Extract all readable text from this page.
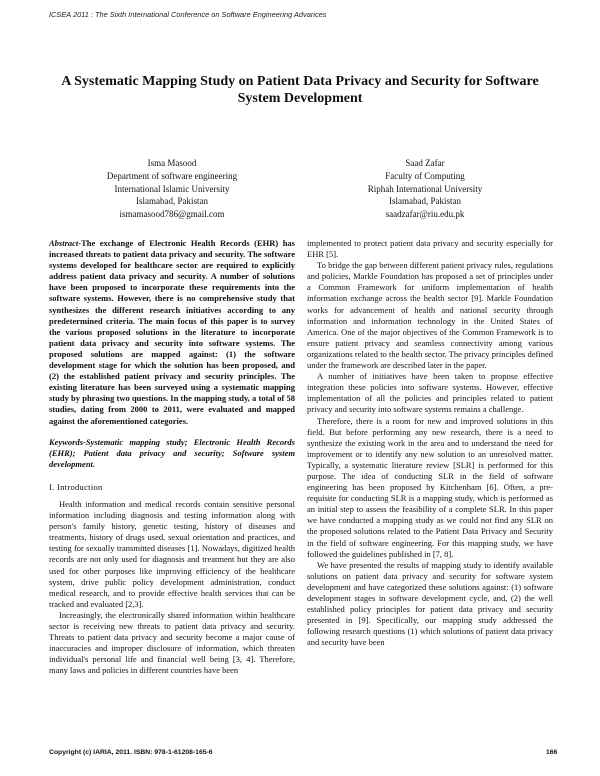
ICSEA 2011 : The Sixth International Conference on Software Engineering Advances
A Systematic Mapping Study on Patient Data Privacy and Security for Software System Development
Isma Masood
Department of software engineering
International Islamic University
Islamabad, Pakistan
ismamasood786@gmail.com
Saad Zafar
Faculty of Computing
Riphah International University
Islamabad, Pakistan
saadzafar@riu.edu.pk

Abstract-The exchange of Electronic Health Records (EHR) has increased threats to patient data privacy and security. The software systems developed for healthcare sector are required to explicitly address patient data privacy and security. A number of solutions have been proposed to incorporate these requirements into the software systems. However, there is no comprehensive study that synthesizes the different research initiatives according to any predetermined criteria. The main focus of this paper is to survey the various proposed solutions in the literature to incorporate patient data privacy and security into software systems. The proposed solutions are mapped against: (1) the software development stage for which the solution has been proposed, and (2) the established patient privacy and security principles. The existing literature has been surveyed using a systematic mapping study by phrasing two questions. In the mapping study, a total of 58 studies, dating from 2000 to 2011, were evaluated and mapped against the aforementioned categories.

Keywords-Systematic mapping study; Electronic Health Records (EHR); Patient data privacy and security; Software system development.

I. Introduction

Health information and medical records contain sensitive personal information including diagnosis and testing information along with person's family history, genetic testing, history of diseases and treatments, history of drugs used, sexual orientation and practices, and testing for sexually transmitted diseases [1]. Nowadays, digitized health records are not only used for diagnosis and treatment but they are also used for other purposes like improving efficiency of the healthcare system, drive public policy development administration, conduct medical research, and to provide effective health services that can be tracked and evaluated [2,3].

Increasingly, the electronically shared information within healthcare sector is receiving new threats to patient data privacy and security. Threats to patient data privacy and security become a major cause of inaccuracies and improper disclosure of information, which threaten individual's personal life and financial well being [3, 4]. Therefore, many laws and policies in different countries have been

implemented to protect patient data privacy and security especially for EHR [5].

To bridge the gap between different patient privacy rules, regulations and policies, Markle Foundation has proposed a set of principles under a Common Framework for uniform implementation of health information exchange across the health sector [9]. Markle Foundation works for advancement of health and national security through information and information technology in the United States of America. One of the major objectives of the Common Framework is to ensure patient privacy and seamless connectivity among various organizations related to the health sector. The privacy principles defined under the framework are described later in the paper.

A number of initiatives have been taken to propose effective integration these policies into software systems. However, effective implementation of all the policies and principles related to patient privacy and security into software systems remains a challenge.

Therefore, there is a room for new and improved solutions in this field. But before performing any new research, there is a need to synthesize the existing work in the area and to understand the need for improvement or to identify any new solution to an unresolved matter. Typically, a systematic literature review [SLR] is performed for this purpose. The idea of conducting SLR in the field of software engineering has been proposed by Kitchenham [6]. Often, a pre-requisite for conducting SLR is a mapping study, which is performed as an initial step to assess the feasibility of a complete SLR. In this paper we have conducted a mapping study as we could not find any SLR on the proposed solutions related to the Patient Data Privacy and Security in the field of software engineering. For this mapping study, we have followed the guidelines published in [7, 8].

We have presented the results of mapping study to identify available solutions on patient data privacy and security for software system development and have categorized these solutions against: (1) software development stages in software development cycle, and, (2) the well established policy principles for patient data privacy and security presented in [9]. Specifically, our mapping study addressed the following research questions (1) which solutions of patient data privacy and security have been

Copyright (c) IARIA, 2011. ISBN: 978-1-61208-165-6	166
